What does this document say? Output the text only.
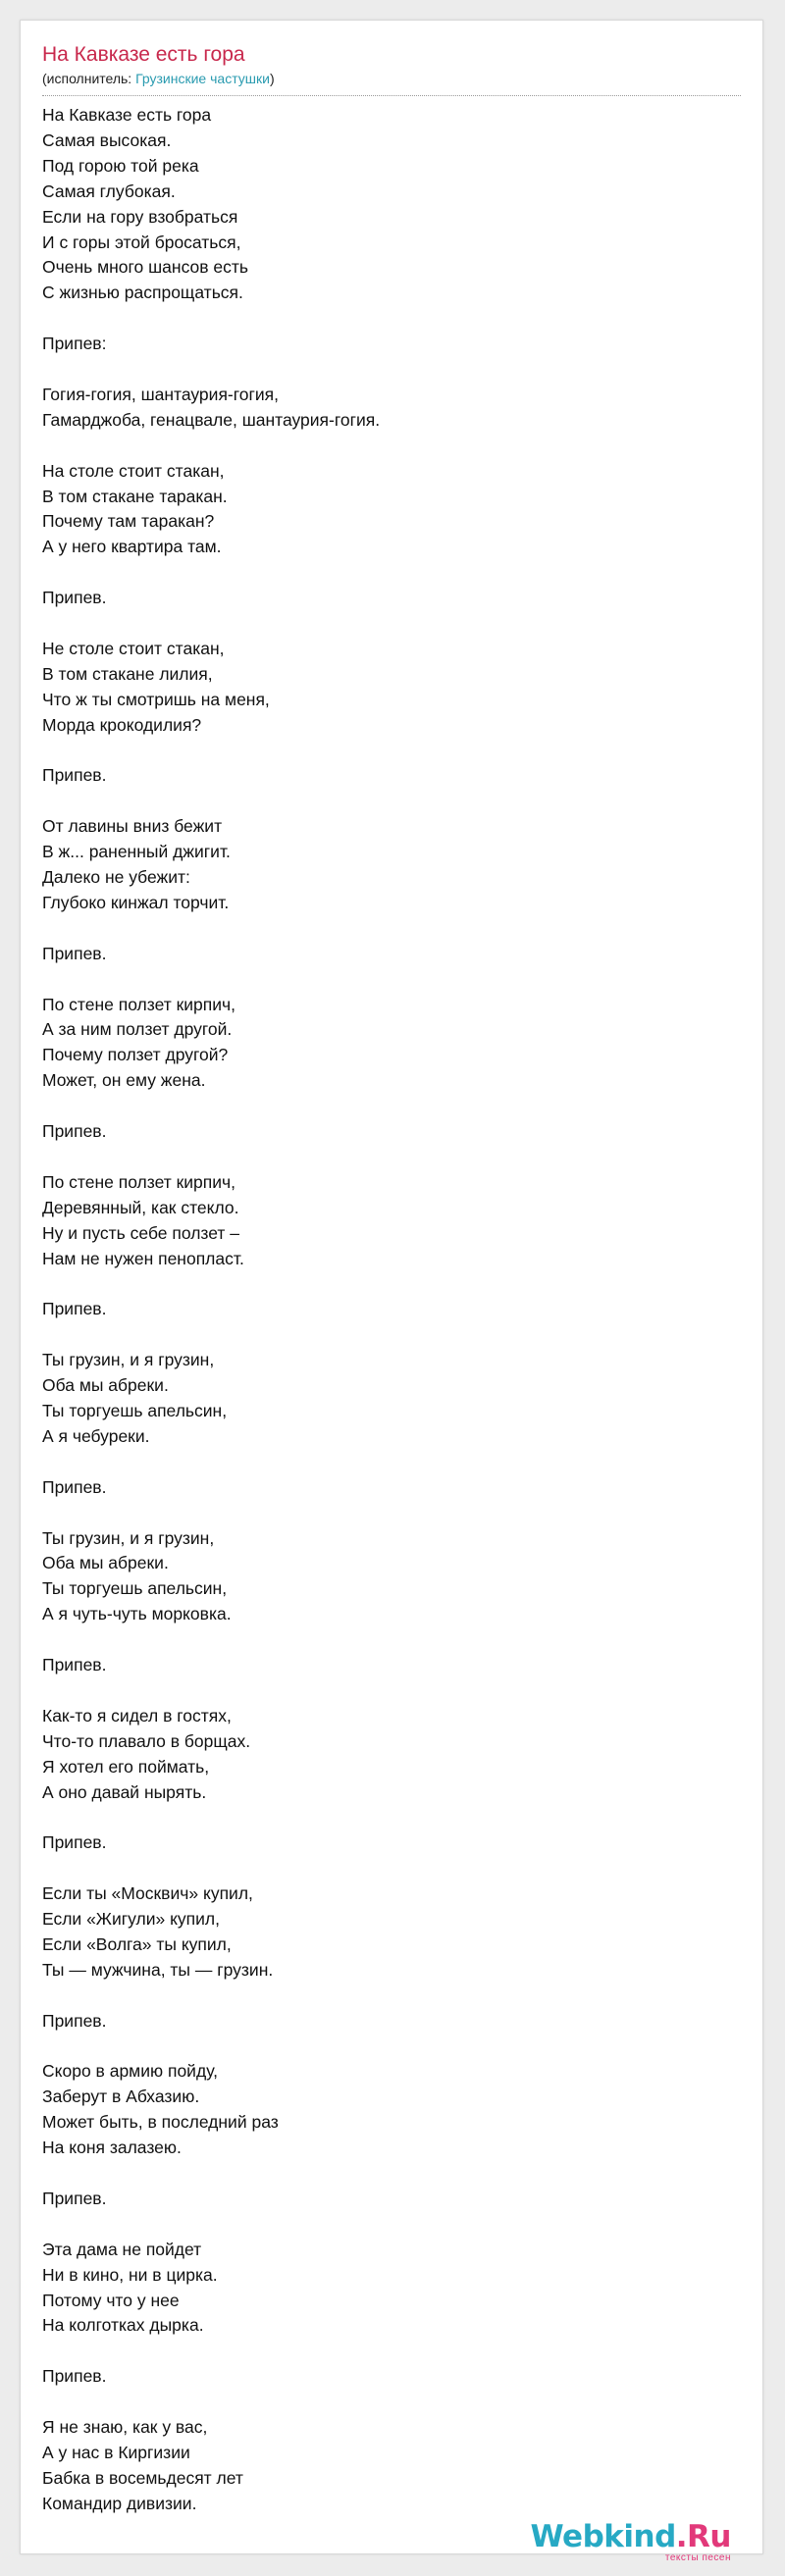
На Кавказе есть гора
(исполнитель: Грузинские частушки)
На Кавказе есть гора
Самая высокая.
Под горою той река
Самая глубокая.
Если на гору взобраться
И с горы этой бросаться,
Очень много шансов есть
С жизнью распрощаться.
Припев:
Гогия-гогия, шантаурия-гогия,
Гамарджоба, генацвале, шантаурия-гогия.
На столе стоит стакан,
В том стакане таракан.
Почему там таракан?
А у него квартира там.
Припев.
Не столе стоит стакан,
В том стакане лилия,
Что ж ты смотришь на меня,
Морда крокодилия?
Припев.
От лавины вниз бежит
В ж... раненный джигит.
Далеко не убежит:
Глубоко кинжал торчит.
Припев.
По стене ползет кирпич,
А за ним ползет другой.
Почему ползет другой?
Может, он ему жена.
Припев.
По стене ползет кирпич,
Деревянный, как стекло.
Ну и пусть себе ползет –
Нам не нужен пенопласт.
Припев.
Ты грузин, и я грузин,
Оба мы абреки.
Ты торгуешь апельсин,
А я чебуреки.
Припев.
Ты грузин, и я грузин,
Оба мы абреки.
Ты торгуешь апельсин,
А я чуть-чуть морковка.
Припев.
Как-то я сидел в гостях,
Что-то плавало в борщах.
Я хотел его поймать,
А оно давай нырять.
Припев.
Если ты «Москвич» купил,
Если «Жигули» купил,
Если «Волга» ты купил,
Ты — мужчина, ты — грузин.
Припев.
Скоро в армию пойду,
Заберут в Абхазию.
Может быть, в последний раз
На коня залазею.
Припев.
Эта дама не пойдет
Ни в кино, ни в цирка.
Потому что у нее
На колготках дырка.
Припев.
Я не знаю, как у вас,
А у нас в Киргизии
Бабка в восемьдесят лет
Командир дивизии.
Webkind.Ru
тексты песен
